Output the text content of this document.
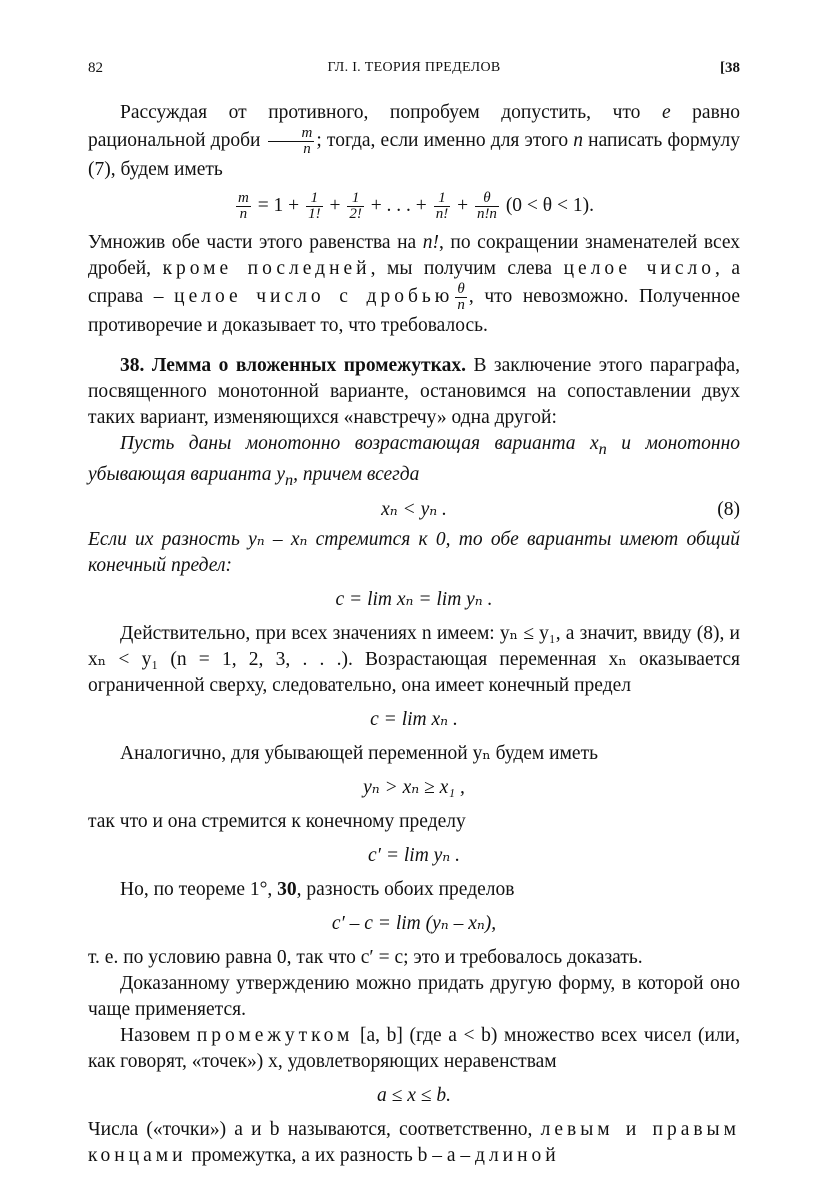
82	ГЛ. I. ТЕОРИЯ ПРЕДЕЛОВ	[38

Рассуждая от противного, попробуем допустить, что e равно рациональной дроби $\frac{m}{n}$ ; тогда, если именно для этого n написать формулу (7), будем иметь

$\frac{m}{n} = 1 + \frac{1}{1!} + \frac{1}{2!}$ + . . . + $\frac{1}{n!} + \frac{\theta}{n!n} (0 < \theta < 1)$.

Умножив обе части этого равенства на n!, по сокращении знаменателей всех дробей, кроме последней, мы получим слева целое число, а справа – целое число с дробью $\frac{\theta}{n}$ , что невозможно. Полученное противоречие и доказывает то, что требовалось.

38. Лемма о вложенных промежутках. В заключение этого параграфа, посвященного монотонной варианте, остановимся на сопоставлении двух таких вариант, изменяющихся «навстречу» одна другой:

Пусть даны монотонно возрастающая варианта $x_n$ и монотонно убывающая варианта $y_n$, причем всегда

xₙ < yₙ .	(8)

Если их разность yₙ – xₙ стремится к 0, то обе варианты имеют общий конечный предел:

c = lim xₙ = lim yₙ .

Действительно, при всех значениях n имеем: yₙ ≤ y₁, а значит, ввиду (8), и xₙ < y₁ (n = 1, 2, 3, . . .). Возрастающая переменная xₙ оказывается ограниченной сверху, следовательно, она имеет конечный предел

c = lim xₙ .

Аналогично, для убывающей переменной yₙ будем иметь

yₙ > xₙ ≥ x₁ ,

так что и она стремится к конечному пределу

c′ = lim yₙ .

Но, по теореме 1°, 30, разность обоих пределов

c′ – c = lim (yₙ – xₙ),

т. е. по условию равна 0, так что c′ = c; это и требовалось доказать.

Доказанному утверждению можно придать другую форму, в которой оно чаще применяется.

Назовем промежутком [a, b] (где a < b) множество всех чисел (или, как говорят, «точек») x, удовлетворяющих неравенствам

a ≤ x ≤ b.

Числа («точки») a и b называются, соответственно, левым и правым концами промежутка, а их разность b – a – длиной
